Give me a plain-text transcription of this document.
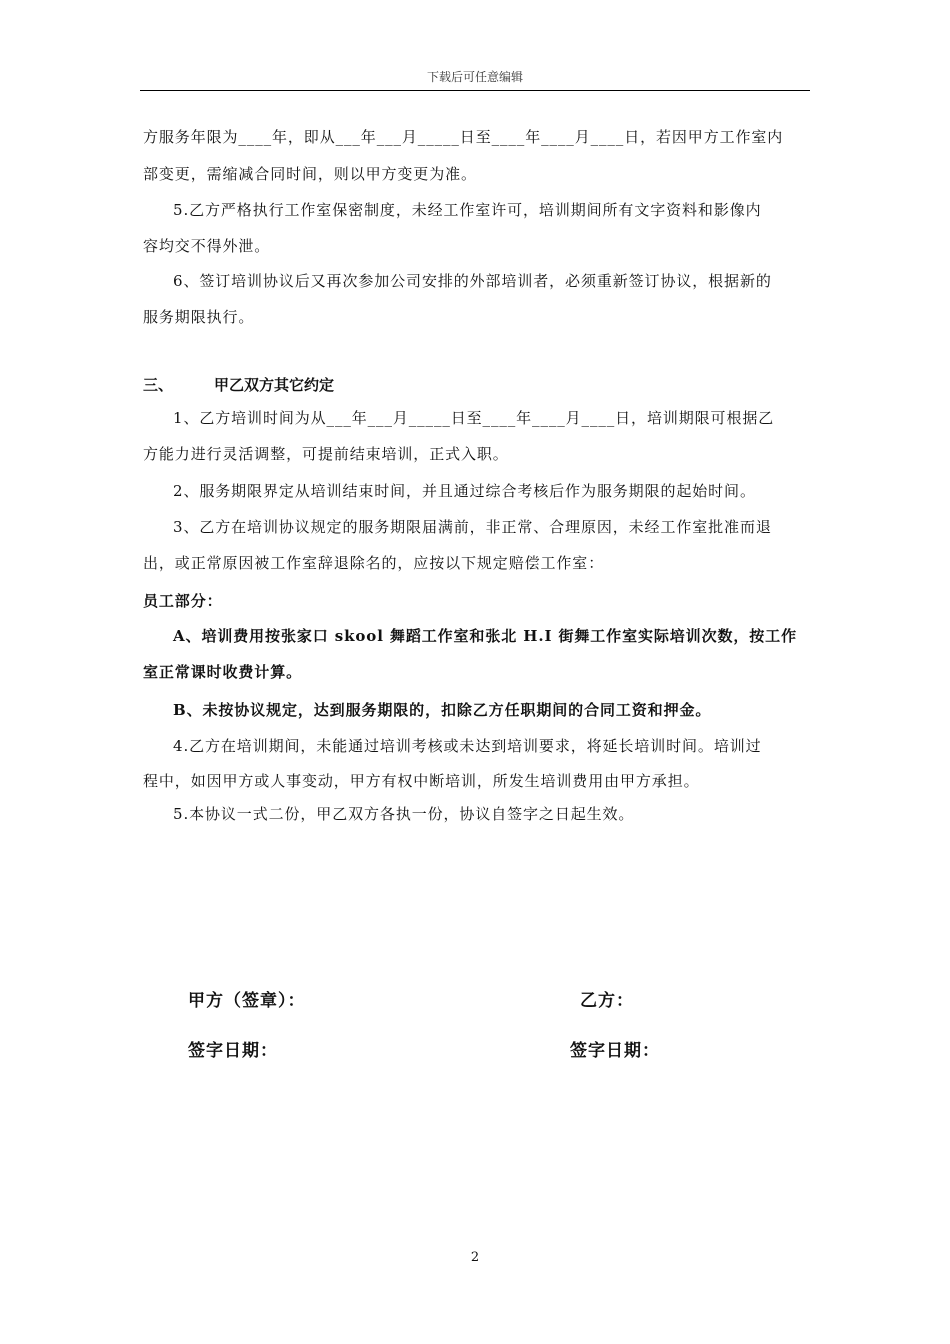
下载后可任意编辑
方服务年限为____年，即从___年___月_____日至____年____月____日，若因甲方工作室内
部变更，需缩减合同时间，则以甲方变更为准。
5.乙方严格执行工作室保密制度，未经工作室许可，培训期间所有文字资料和影像内
容均交不得外泄。
6、签订培训协议后又再次参加公司安排的外部培训者，必须重新签订协议，根据新的
服务期限执行。
三、	甲乙双方其它约定
1、乙方培训时间为从___年___月_____日至____年____月____日，培训期限可根据乙
方能力进行灵活调整，可提前结束培训，正式入职。
2、服务期限界定从培训结束时间，并且通过综合考核后作为服务期限的起始时间。
3、乙方在培训协议规定的服务期限届满前，非正常、合理原因，未经工作室批准而退
出，或正常原因被工作室辞退除名的，应按以下规定赔偿工作室：
员工部分：
A、培训费用按张家口 skool 舞蹈工作室和张北 H.I 街舞工作室实际培训次数，按工作
室正常课时收费计算。
B、未按协议规定，达到服务期限的，扣除乙方任职期间的合同工资和押金。
4.乙方在培训期间，未能通过培训考核或未达到培训要求，将延长培训时间。培训过
程中，如因甲方或人事变动，甲方有权中断培训，所发生培训费用由甲方承担。
5.本协议一式二份，甲乙双方各执一份，协议自签字之日起生效。
甲方（签章）：	乙方：
签字日期：	签字日期：
2
